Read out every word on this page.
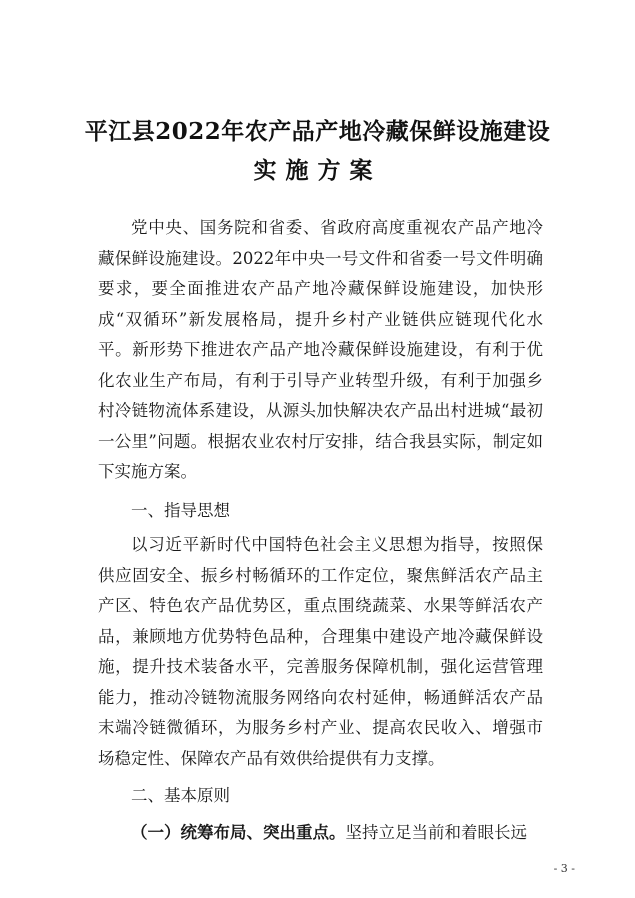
平江县2022年农产品产地冷藏保鲜设施建设
实施方案

党中央、国务院和省委、省政府高度重视农产品产地冷藏保鲜设施建设。2022年中央一号文件和省委一号文件明确要求，要全面推进农产品产地冷藏保鲜设施建设，加快形成“双循环”新发展格局，提升乡村产业链供应链现代化水平。新形势下推进农产品产地冷藏保鲜设施建设，有利于优化农业生产布局，有利于引导产业转型升级，有利于加强乡村冷链物流体系建设，从源头加快解决农产品出村进城“最初一公里”问题。根据农业农村厅安排，结合我县实际，制定如下实施方案。

一、指导思想

以习近平新时代中国特色社会主义思想为指导，按照保供应固安全、振乡村畅循环的工作定位，聚焦鲜活农产品主产区、特色农产品优势区，重点围绕蔬菜、水果等鲜活农产品，兼顾地方优势特色品种，合理集中建设产地冷藏保鲜设施，提升技术装备水平，完善服务保障机制，强化运营管理能力，推动冷链物流服务网络向农村延伸，畅通鲜活农产品末端冷链微循环，为服务乡村产业、提高农民收入、增强市场稳定性、保障农产品有效供给提供有力支撑。

二、基本原则
（一）统筹布局、突出重点。坚持立足当前和着眼长远
- 3 -
